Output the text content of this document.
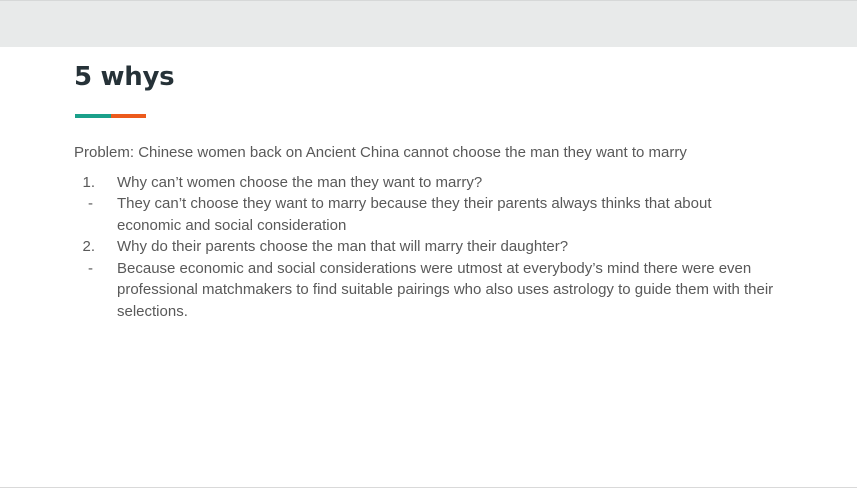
5 whys

Problem: Chinese women back on Ancient China cannot choose the man they want to marry

1.	Why can’t women choose the man they want to marry?
-	They can’t choose they want to marry because they their parents always thinks that about economic and social consideration
2.	Why do their parents choose the man that will marry their daughter?
-	Because economic and social considerations were utmost at everybody’s mind there were even professional matchmakers to find suitable pairings who also uses astrology to guide them with their selections.
